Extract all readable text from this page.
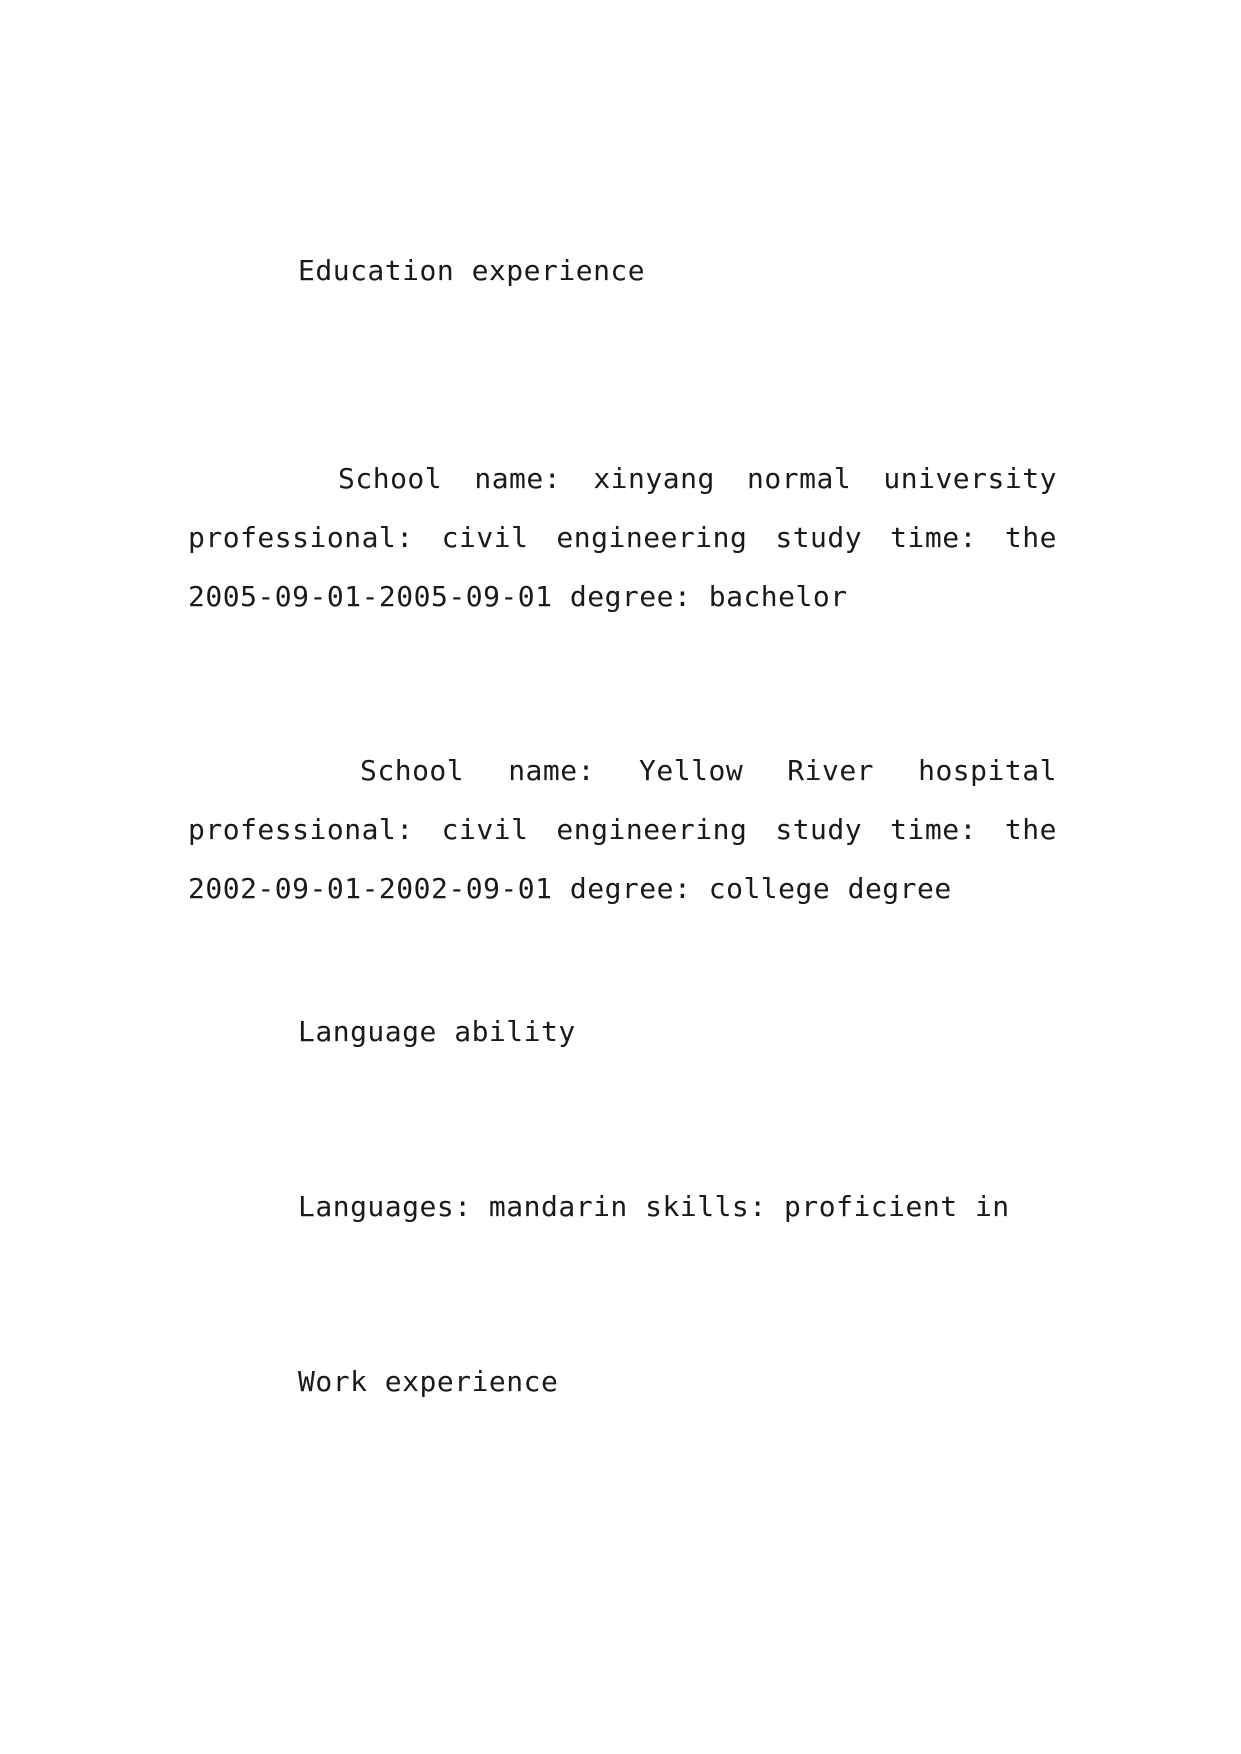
Education experience
School name: xinyang normal university
professional: civil engineering study time: the
2005-09-01-2005-09-01 degree: bachelor
School name: Yellow River hospital
professional: civil engineering study time: the
2002-09-01-2002-09-01 degree: college degree
Language ability

Languages: mandarin skills: proficient in

Work experience
